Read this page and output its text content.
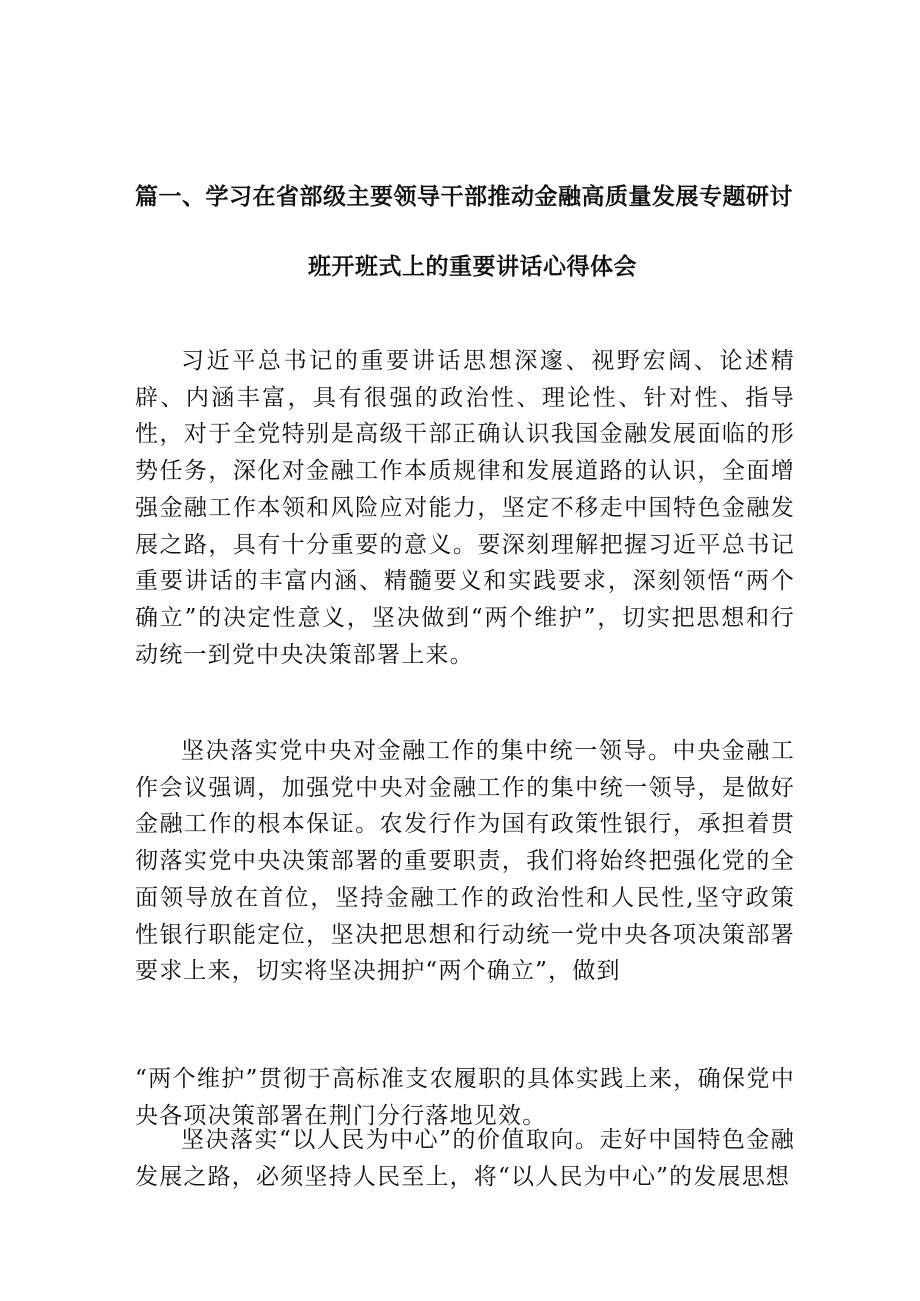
篇一、学习在省部级主要领导干部推动金融高质量发展专题研讨
班开班式上的重要讲话心得体会

习近平总书记的重要讲话思想深邃、视野宏阔、论述精辟、内涵丰富，具有很强的政治性、理论性、针对性、指导性，对于全党特别是高级干部正确认识我国金融发展面临的形势任务，深化对金融工作本质规律和发展道路的认识，全面增强金融工作本领和风险应对能力，坚定不移走中国特色金融发展之路，具有十分重要的意义。要深刻理解把握习近平总书记重要讲话的丰富内涵、精髓要义和实践要求，深刻领悟“两个确立”的决定性意义，坚决做到“两个维护”，切实把思想和行动统一到党中央决策部署上来。

坚决落实党中央对金融工作的集中统一领导。中央金融工作会议强调，加强党中央对金融工作的集中统一领导，是做好金融工作的根本保证。农发行作为国有政策性银行，承担着贯彻落实党中央决策部署的重要职责，我们将始终把强化党的全面领导放在首位，坚持金融工作的政治性和人民性,坚守政策性银行职能定位，坚决把思想和行动统一党中央各项决策部署要求上来，切实将坚决拥护“两个确立”，做到

“两个维护”贯彻于高标准支农履职的具体实践上来，确保党中央各项决策部署在荆门分行落地见效。

坚决落实“以人民为中心”的价值取向。走好中国特色金融发展之路，必须坚持人民至上，将“以人民为中心”的发展思想
